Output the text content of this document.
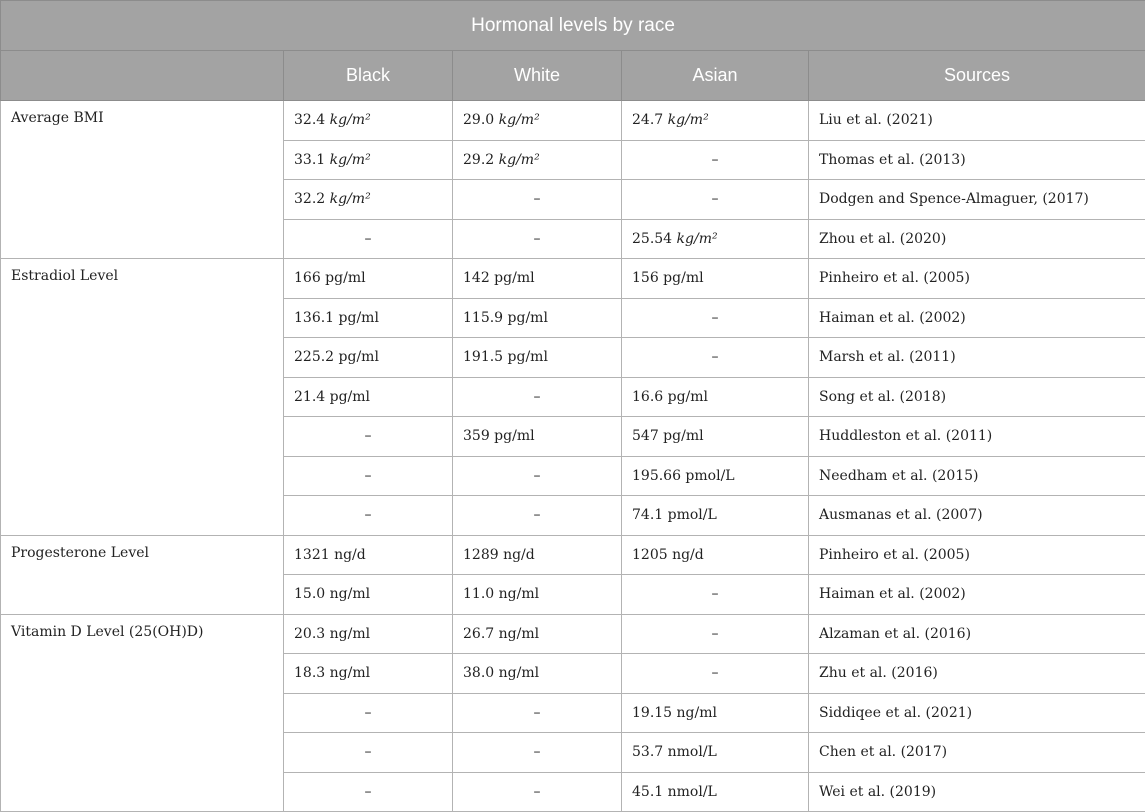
Hormonal levels by race				
	Black	White	Asian	Sources
Average BMI	32.4 kg/m²	29.0 kg/m²	24.7 kg/m²	Liu et al. (2021)
	33.1 kg/m²	29.2 kg/m²	–	Thomas et al. (2013)
	32.2 kg/m²	–	–	Dodgen and Spence-Almaguer, (2017)
	–	–	25.54 kg/m²	Zhou et al. (2020)
Estradiol Level	166 pg/ml	142 pg/ml	156 pg/ml	Pinheiro et al. (2005)
	136.1 pg/ml	115.9 pg/ml	–	Haiman et al. (2002)
	225.2 pg/ml	191.5 pg/ml	–	Marsh et al. (2011)
	21.4 pg/ml	–	16.6 pg/ml	Song et al. (2018)
	–	359 pg/ml	547 pg/ml	Huddleston et al. (2011)
	–	–	195.66 pmol/L	Needham et al. (2015)
	–	–	74.1 pmol/L	Ausmanas et al. (2007)
Progesterone Level	1321 ng/d	1289 ng/d	1205 ng/d	Pinheiro et al. (2005)
	15.0 ng/ml	11.0 ng/ml	–	Haiman et al. (2002)
Vitamin D Level (25(OH)D)	20.3 ng/ml	26.7 ng/ml	–	Alzaman et al. (2016)
	18.3 ng/ml	38.0 ng/ml	–	Zhu et al. (2016)
	–	–	19.15 ng/ml	Siddiqee et al. (2021)
	–	–	53.7 nmol/L	Chen et al. (2017)
	–	–	45.1 nmol/L	Wei et al. (2019)
